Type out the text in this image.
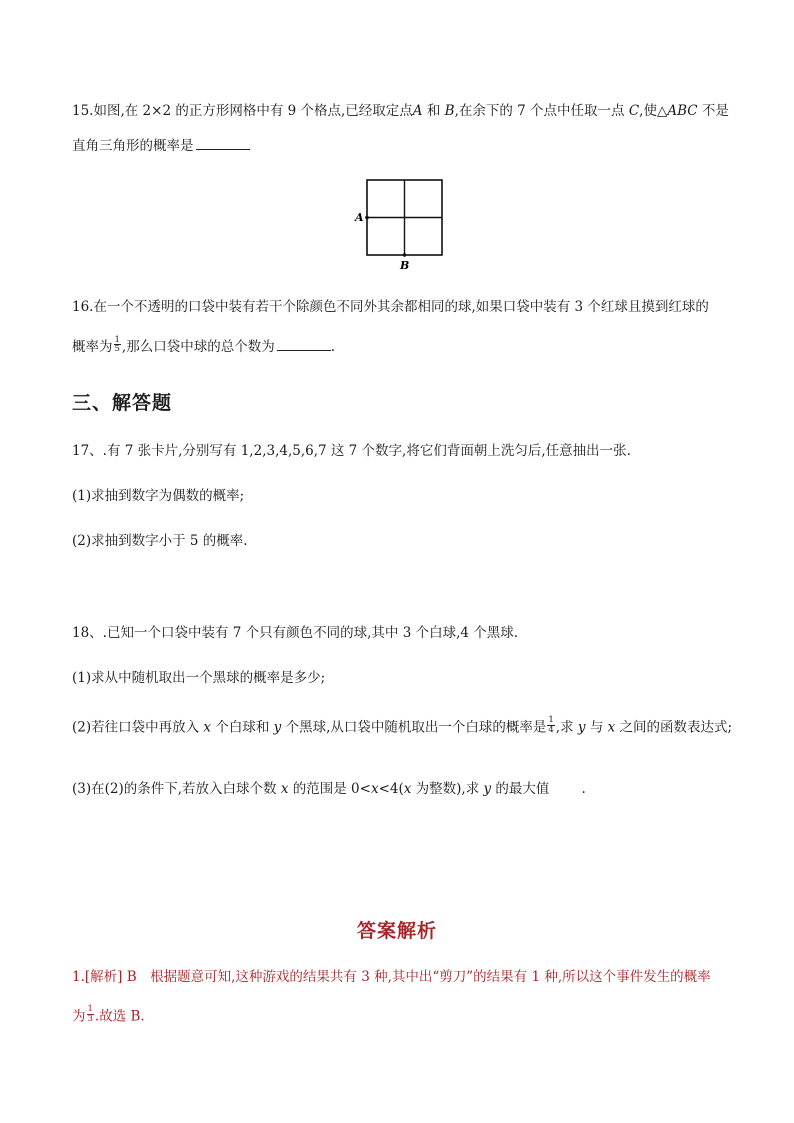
15.如图,在 2×2 的正方形网格中有 9 个格点,已经取定点A 和 B,在余下的 7 个点中任取一点 C,使△ABC 不是
直角三角形的概率是
A
B
16.在一个不透明的口袋中装有若干个除颜色不同外其余都相同的球,如果口袋中装有 3 个红球且摸到红球的
概率为 $\frac{1}{5}$ ,那么口袋中球的总个数为	.
三、解答题
17、.有 7 张卡片,分别写有 1,2,3,4,5,6,7 这 7 个数字,将它们背面朝上洗匀后,任意抽出一张.
(1)求抽到数字为偶数的概率;
(2)求抽到数字小于 5 的概率.
18、.已知一个口袋中装有 7 个只有颜色不同的球,其中 3 个白球,4 个黑球.
(1)求从中随机取出一个黑球的概率是多少;
(2)若往口袋中再放入 x 个白球和 y 个黑球,从口袋中随机取出一个白球的概率是 $\frac{1}{4}$ ,求 y 与 x 之间的函数表达式;
(3)在(2)的条件下,若放入白球个数 x 的范围是 0<x<4(x 为整数),求 y 的最大值 .
答案解析
1.[解析] B　根据题意可知,这种游戏的结果共有 3 种,其中出“剪刀”的结果有 1 种,所以这个事件发生的概率
为 $\frac{1}{3}$ .故选 B.
